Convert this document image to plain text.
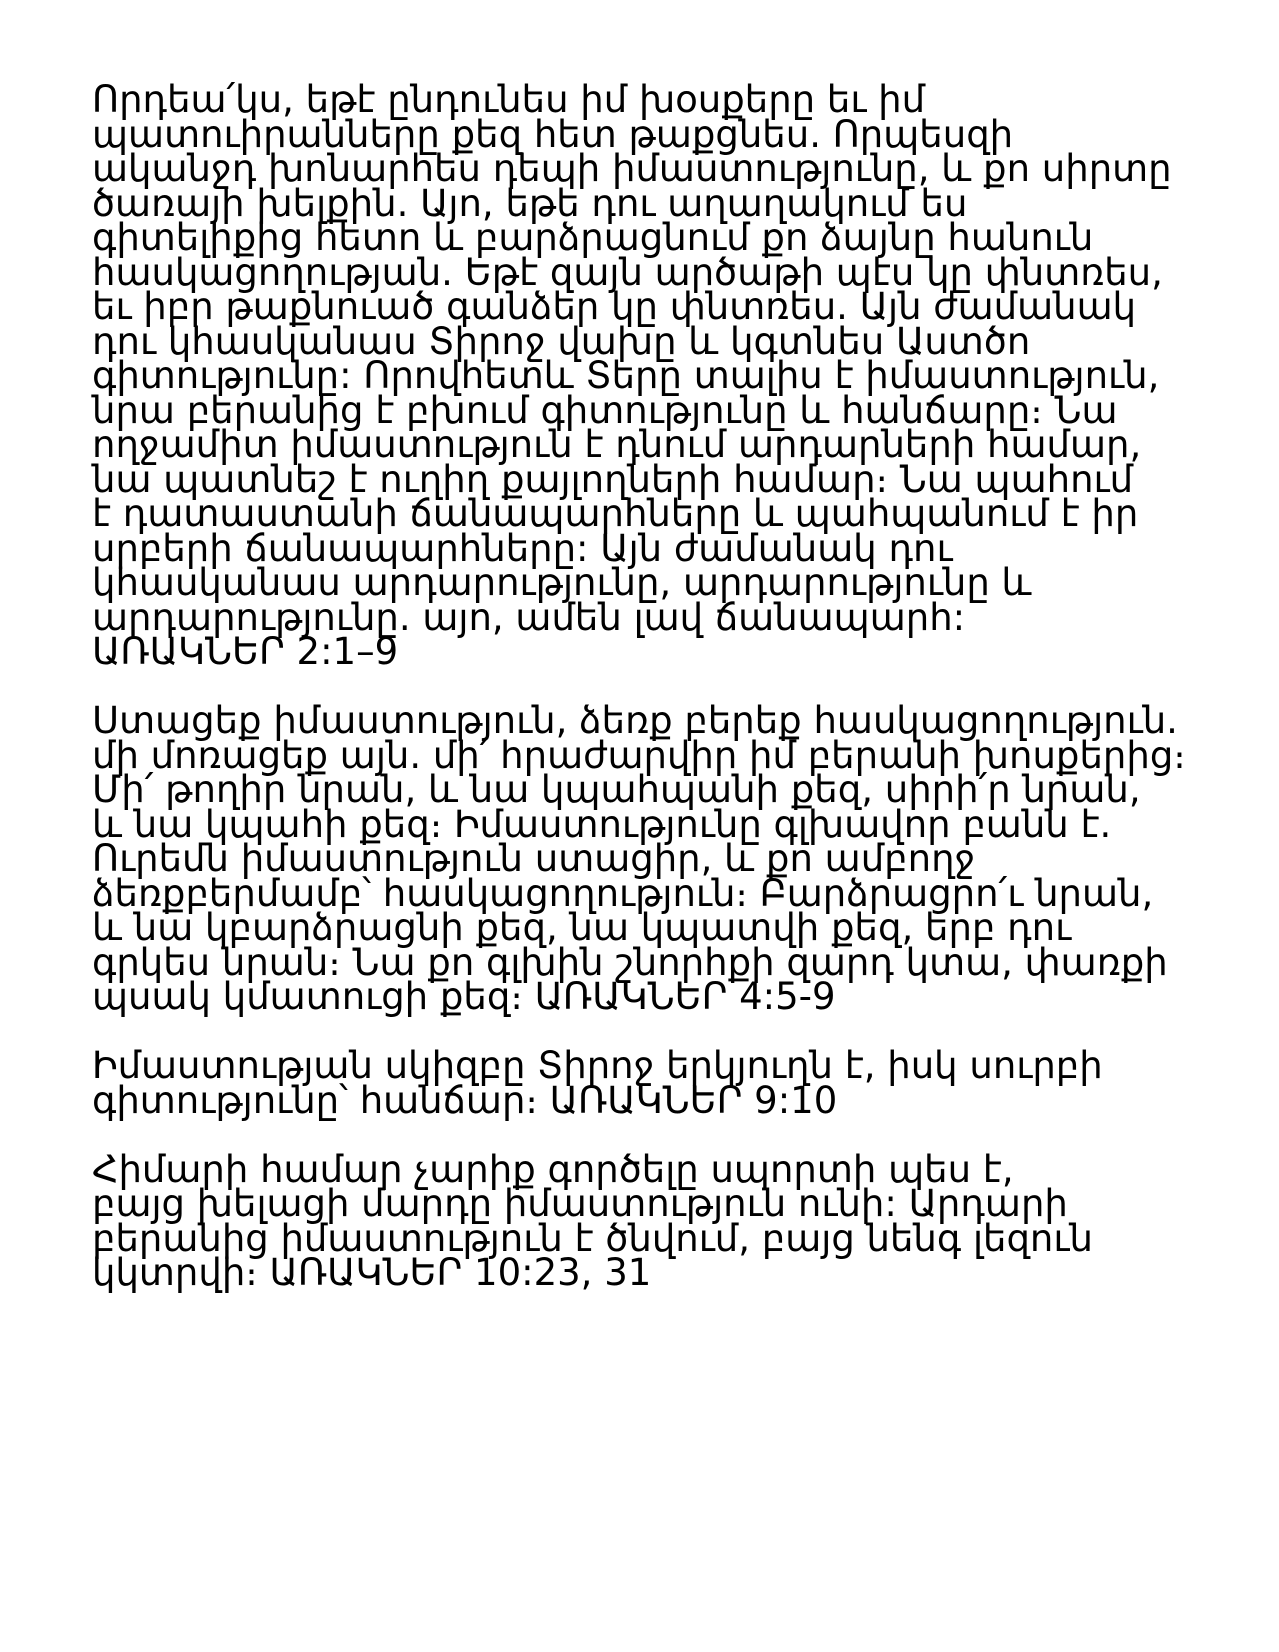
Որդեա՛կս, եթէ ընդունես իմ խօսքերը եւ իմ
պատուիրանները քեզ հետ թաքցնես. Որպեսզի
ականջդ խոնարհես դեպի իմաստությունը, և քո սիրտը
ծառայի խելքին. Այո, եթե դու աղաղակում ես
գիտելիքից հետո և բարձրացնում քո ձայնը հանուն
հասկացողության. Եթէ զայն արծաթի պէս կը փնտռես,
եւ իբր թաքնուած գանձեր կը փնտռես. Այն ժամանակ
դու կհասկանաս Տիրոջ վախը և կգտնես Աստծո
գիտությունը: Որովհետև Տերը տալիս է իմաստություն,
նրա բերանից է բխում գիտությունը և հանճարը։ Նա
ողջամիտ իմաստություն է դնում արդարների համար,
նա պատնեշ է ուղիղ քայլողների համար։ Նա պահում
է դատաստանի ճանապարհները և պահպանում է իր
սրբերի ճանապարհները: Այն ժամանակ դու
կհասկանաս արդարությունը, արդարությունը և
արդարությունը. այո, ամեն լավ ճանապարհ:
ԱՌԱԿՆԵՐ 2:1–9

Ստացեք իմաստություն, ձեռք բերեք հասկացողություն.
մի մոռացեք այն. մի՛ հրաժարվիր իմ բերանի խոսքերից։
Մի՛ թողիր նրան, և նա կպահպանի քեզ, սիրի՛ր նրան,
և նա կպահի քեզ։ Իմաստությունը գլխավոր բանն է.
Ուրեմն իմաստություն ստացիր, և քո ամբողջ
ձեռքբերմամբ՝ հասկացողություն։ Բարձրացրո՛ւ նրան,
և նա կբարձրացնի քեզ, նա կպատվի քեզ, երբ դու
գրկես նրան։ Նա քո գլխին շնորհքի զարդ կտա, փառքի
պսակ կմատուցի քեզ։ ԱՌԱԿՆԵՐ 4:5-9

Իմաստության սկիզբը Տիրոջ երկյուղն է, իսկ սուրբի
գիտությունը՝ հանճար։ ԱՌԱԿՆԵՐ 9:10

Հիմարի համար չարիք գործելը սպորտի պես է,
բայց խելացի մարդը իմաստություն ունի: Արդարի
բերանից իմաստություն է ծնվում, բայց նենգ լեզուն
կկտրվի։ ԱՌԱԿՆԵՐ 10:23, 31
